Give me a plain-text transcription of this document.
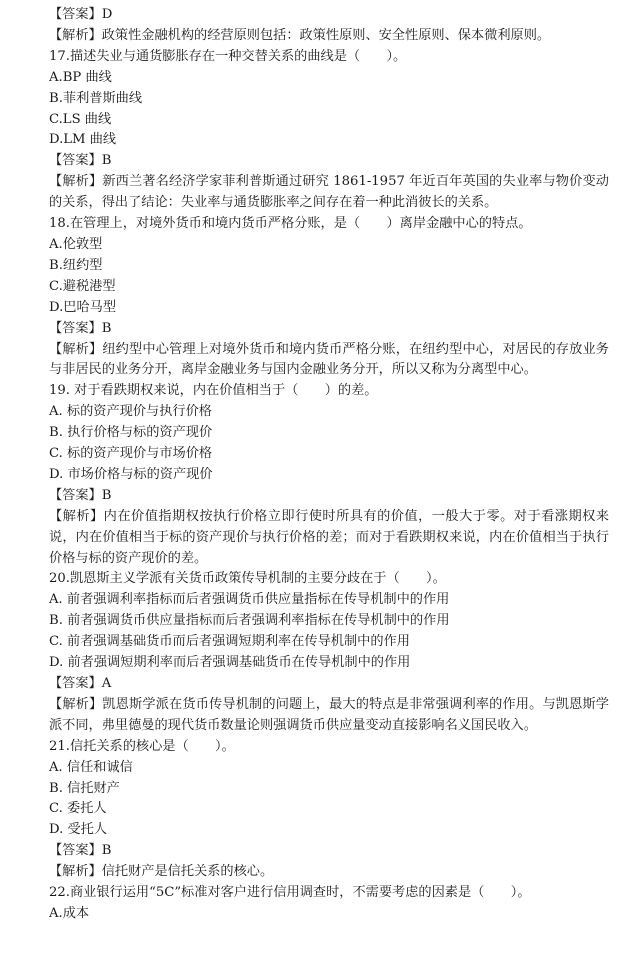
【答案】D
【解析】政策性金融机构的经营原则包括：政策性原则、安全性原则、保本微利原则。
17.描述失业与通货膨胀存在一种交替关系的曲线是（　　）。
A.BP 曲线
B.菲利普斯曲线
C.LS 曲线
D.LM 曲线
【答案】B
【解析】新西兰著名经济学家菲利普斯通过研究 1861-1957 年近百年英国的失业率与物价变动的关系，得出了结论：失业率与通货膨胀率之间存在着一种此消彼长的关系。
18.在管理上，对境外货币和境内货币严格分账，是（　　）离岸金融中心的特点。
A.伦敦型
B.纽约型
C.避税港型
D.巴哈马型
【答案】B
【解析】纽约型中心管理上对境外货币和境内货币严格分账，在纽约型中心，对居民的存放业务与非居民的业务分开，离岸金融业务与国内金融业务分开，所以又称为分离型中心。
19. 对于看跌期权来说，内在价值相当于（　　）的差。
A. 标的资产现价与执行价格
B. 执行价格与标的资产现价
C. 标的资产现价与市场价格
D. 市场价格与标的资产现价
【答案】B
【解析】内在价值指期权按执行价格立即行使时所具有的价值，一般大于零。对于看涨期权来说，内在价值相当于标的资产现价与执行价格的差；而对于看跌期权来说，内在价值相当于执行价格与标的资产现价的差。
20.凯恩斯主义学派有关货币政策传导机制的主要分歧在于（　　）。
A. 前者强调利率指标而后者强调货币供应量指标在传导机制中的作用
B. 前者强调货币供应量指标而后者强调利率指标在传导机制中的作用
C. 前者强调基础货币而后者强调短期利率在传导机制中的作用
D. 前者强调短期利率而后者强调基础货币在传导机制中的作用
【答案】A
【解析】凯恩斯学派在货币传导机制的问题上，最大的特点是非常强调利率的作用。与凯恩斯学派不同，弗里德曼的现代货币数量论则强调货币供应量变动直接影响名义国民收入。
21.信托关系的核心是（　　）。
A. 信任和诚信
B. 信托财产
C. 委托人
D. 受托人
【答案】B
【解析】信托财产是信托关系的核心。
22.商业银行运用“5C”标准对客户进行信用调查时，不需要考虑的因素是（　　）。
A.成本
